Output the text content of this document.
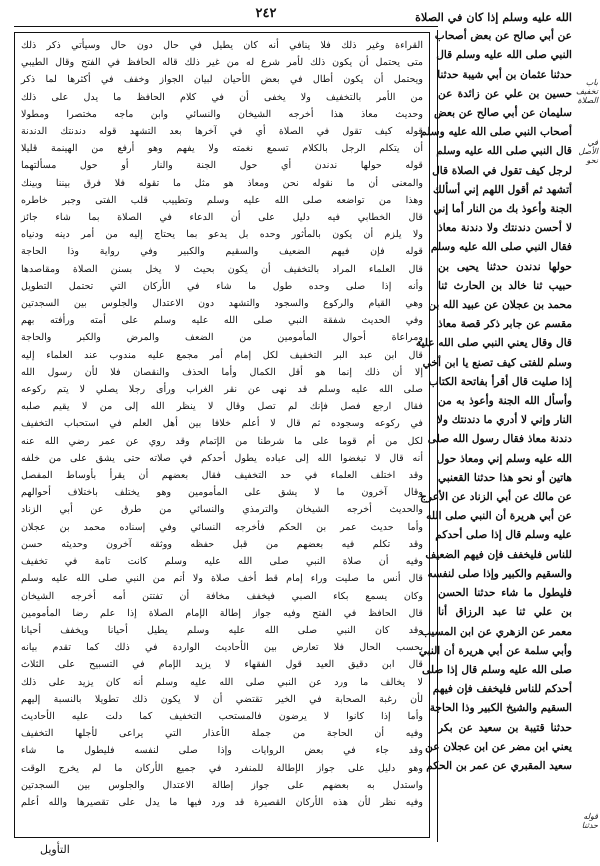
٢٤٢
القراءة وغير ذلك فلا ينافي أنه كان يطيل في حال دون حال وسيأتي ذكر ذلك
متى يحتمل أن يكون ذلك لأمر شرع له من غير ذلك قاله الحافظ في الفتح وقال الطيبي
ويحتمل أن يكون أطال في بعض الأحيان لبيان الجواز وخفف في أكثرها لما ذكر
من الأمر بالتخفيف ولا يخفى أن في كلام الحافظ ما يدل على ذلك
وحديث معاذ هذا أخرجه الشيخان والنسائي وابن ماجه مختصرا ومطولا
قوله كيف تقول في الصلاة أي في آخرها بعد التشهد قوله دندنتك الدندنة
أن يتكلم الرجل بالكلام تسمع نغمته ولا يفهم وهو أرفع من الهينمة قليلا
قوله حولها ندندن أي حول الجنة والنار أو حول مسألتهما
والمعنى أن ما نقوله نحن ومعاذ هو مثل ما تقوله فلا فرق بيننا وبينك
وهذا من تواضعه صلى الله عليه وسلم وتطييب قلب الفتى وجبر خاطره
قال الخطابي فيه دليل على أن الدعاء في الصلاة بما شاء جائز
ولا يلزم أن يكون بالمأثور وحده بل يدعو بما يحتاج إليه من أمر دينه ودنياه
قوله فإن فيهم الضعيف والسقيم والكبير وفي رواية وذا الحاجة
قال العلماء المراد بالتخفيف أن يكون بحيث لا يخل بسنن الصلاة ومقاصدها
وأنه إذا صلى وحده طول ما شاء في الأركان التي تحتمل التطويل
وهي القيام والركوع والسجود والتشهد دون الاعتدال والجلوس بين السجدتين
وفي الحديث شفقة النبي صلى الله عليه وسلم على أمته ورأفته بهم
ومراعاة أحوال المأمومين من الضعف والمرض والكبر والحاجة
قال ابن عبد البر التخفيف لكل إمام أمر مجمع عليه مندوب عند العلماء إليه
إلا أن ذلك إنما هو أقل الكمال وأما الحذف والنقصان فلا لأن رسول الله
صلى الله عليه وسلم قد نهى عن نقر الغراب ورأى رجلا يصلي لا يتم ركوعه
فقال ارجع فصل فإنك لم تصل وقال لا ينظر الله إلى من لا يقيم صلبه
في ركوعه وسجوده ثم قال لا أعلم خلافا بين أهل العلم في استحباب التخفيف
لكل من أم قوما على ما شرطنا من الإتمام وقد روي عن عمر رضي الله عنه
أنه قال لا تبغضوا الله إلى عباده يطول أحدكم في صلاته حتى يشق على من خلفه
وقد اختلف العلماء في حد التخفيف فقال بعضهم أن يقرأ بأوساط المفصل
وقال آخرون ما لا يشق على المأمومين وهو يختلف باختلاف أحوالهم
والحديث أخرجه الشيخان والترمذي والنسائي من طرق عن أبي الزناد
وأما حديث عمر بن الحكم فأخرجه النسائي وفي إسناده محمد بن عجلان
وقد تكلم فيه بعضهم من قبل حفظه ووثقه آخرون وحديثه حسن
وفيه أن صلاة النبي صلى الله عليه وسلم كانت تامة في تخفيف
قال أنس ما صليت وراء إمام قط أخف صلاة ولا أتم من النبي صلى الله عليه وسلم
وكان يسمع بكاء الصبي فيخفف مخافة أن تفتتن أمه أخرجه الشيخان
قال الحافظ في الفتح وفيه جواز إطالة الإمام الصلاة إذا علم رضا المأمومين
وقد كان النبي صلى الله عليه وسلم يطيل أحيانا ويخفف أحيانا
بحسب الحال فلا تعارض بين الأحاديث الواردة في ذلك كما تقدم بيانه
قال ابن دقيق العيد قول الفقهاء لا يزيد الإمام في التسبيح على الثلاث
لا يخالف ما ورد عن النبي صلى الله عليه وسلم أنه كان يزيد على ذلك
لأن رغبة الصحابة في الخير تقتضي أن لا يكون ذلك تطويلا بالنسبة إليهم
وأما إذا كانوا لا يرضون فالمستحب التخفيف كما دلت عليه الأحاديث
وفيه أن الحاجة من جملة الأعذار التي يراعى لأجلها التخفيف
وقد جاء في بعض الروايات وإذا صلى لنفسه فليطول ما شاء
وهو دليل على جواز الإطالة للمنفرد في جميع الأركان ما لم يخرج الوقت
واستدل به بعضهم على جواز إطالة الاعتدال والجلوس بين السجدتين
وفيه نظر لأن هذه الأركان القصيرة قد ورد فيها ما يدل على تقصيرها والله أعلم
الله عليه وسلم إذا كان في الصلاة
عن أبي صالح عن بعض أصحاب
النبي صلى الله عليه وسلم قال
حدثنا عثمان بن أبي شيبة حدثنا
حسين بن علي عن زائدة عن
سليمان عن أبي صالح عن بعض
أصحاب النبي صلى الله عليه وسلم
قال النبي صلى الله عليه وسلم
لرجل كيف تقول في الصلاة قال
أتشهد ثم أقول اللهم إني أسألك
الجنة وأعوذ بك من النار أما إني
لا أحسن دندنتك ولا دندنة معاذ
فقال النبي صلى الله عليه وسلم
حولها ندندن حدثنا يحيى بن
حبيب ثنا خالد بن الحارث ثنا
محمد بن عجلان عن عبيد الله بن
مقسم عن جابر ذكر قصة معاذ
قال وقال يعني النبي صلى الله عليه
وسلم للفتى كيف تصنع يا ابن أخي
إذا صليت قال أقرأ بفاتحة الكتاب
وأسأل الله الجنة وأعوذ به من
النار وإني لا أدري ما دندنتك ولا
دندنة معاذ فقال رسول الله صلى
الله عليه وسلم إني ومعاذ حول
هاتين أو نحو هذا حدثنا القعنبي
عن مالك عن أبي الزناد عن الأعرج
عن أبي هريرة أن النبي صلى الله
عليه وسلم قال إذا صلى أحدكم
للناس فليخفف فإن فيهم الضعيف
والسقيم والكبير وإذا صلى لنفسه
فليطول ما شاء حدثنا الحسن
بن علي ثنا عبد الرزاق أنا
معمر عن الزهري عن ابن المسيب
وأبي سلمة عن أبي هريرة أن النبي
صلى الله عليه وسلم قال إذا صلى
أحدكم للناس فليخفف فإن فيهم
السقيم والشيخ الكبير وذا الحاجة
حدثنا قتيبة بن سعيد عن بكر
يعني ابن مضر عن ابن عجلان عن
سعيد المقبري عن عمر بن الحكم
باب تخفيف الصلاة
في الأصل نحو
قوله حدثنا
التأويل
